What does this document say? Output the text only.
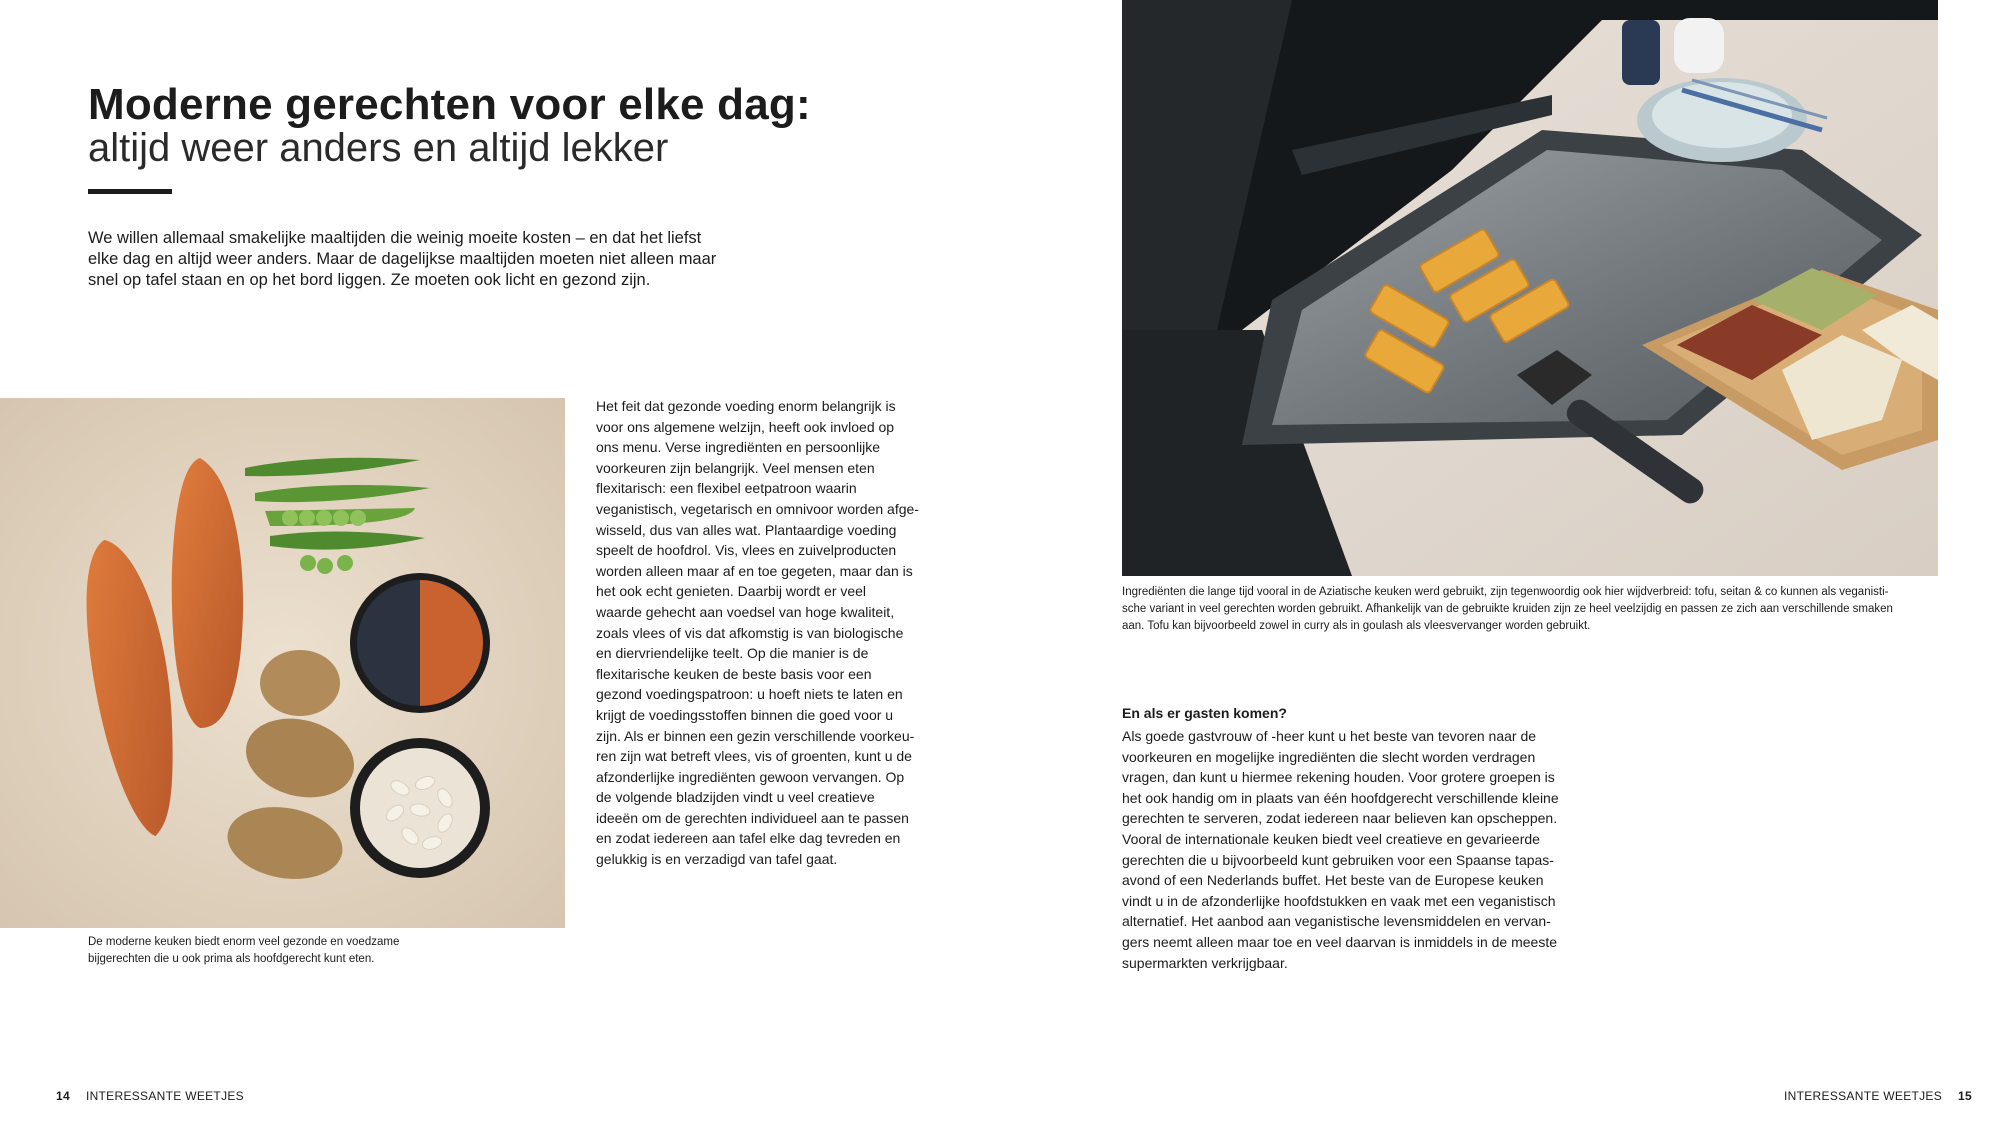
Moderne gerechten voor elke dag:
altijd weer anders en altijd lekker

We willen allemaal smakelijke maaltijden die weinig moeite kosten – en dat het liefst

elke dag en altijd weer anders. Maar de dagelijkse maaltijden moeten niet alleen maar

snel op tafel staan en op het bord liggen. Ze moeten ook licht en gezond zijn.

De moderne keuken biedt enorm veel gezonde en voedzame

bijgerechten die u ook prima als hoofdgerecht kunt eten.

Het feit dat gezonde voeding enorm belangrijk is

voor ons algemene welzijn, heeft ook invloed op

ons menu. Verse ingrediënten en persoonlijke

voorkeuren zijn belangrijk. Veel mensen eten

flexitarisch: een flexibel eetpatroon waarin

veganistisch, vegetarisch en omnivoor worden afge-

wisseld, dus van alles wat. Plantaardige voeding

speelt de hoofdrol. Vis, vlees en zuivelproducten

worden alleen maar af en toe gegeten, maar dan is

het ook echt genieten. Daarbij wordt er veel

waarde gehecht aan voedsel van hoge kwaliteit,

zoals vlees of vis dat afkomstig is van biologische

en diervriendelijke teelt. Op die manier is de

flexitarische keuken de beste basis voor een

gezond voedingspatroon: u hoeft niets te laten en

krijgt de voedingsstoffen binnen die goed voor u

zijn. Als er binnen een gezin verschillende voorkeu-

ren zijn wat betreft vlees, vis of groenten, kunt u de

afzonderlijke ingrediënten gewoon vervangen. Op

de volgende bladzijden vindt u veel creatieve

ideeën om de gerechten individueel aan te passen

en zodat iedereen aan tafel elke dag tevreden en

gelukkig is en verzadigd van tafel gaat.

14 INTERESSANTE WEETJES

Ingrediënten die lange tijd vooral in de Aziatische keuken werd gebruikt, zijn tegenwoordig ook hier wijdverbreid: tofu, seitan & co kunnen als veganisti-

sche variant in veel gerechten worden gebruikt. Afhankelijk van de gebruikte kruiden zijn ze heel veelzijdig en passen ze zich aan verschillende smaken

aan. Tofu kan bijvoorbeeld zowel in curry als in goulash als vleesvervanger worden gebruikt.

En als er gasten komen?

Als goede gastvrouw of -heer kunt u het beste van tevoren naar de

voorkeuren en mogelijke ingrediënten die slecht worden verdragen

vragen, dan kunt u hiermee rekening houden. Voor grotere groepen is

het ook handig om in plaats van één hoofdgerecht verschillende kleine

gerechten te serveren, zodat iedereen naar believen kan opscheppen.

Vooral de internationale keuken biedt veel creatieve en gevarieerde

gerechten die u bijvoorbeeld kunt gebruiken voor een Spaanse tapas-

avond of een Nederlands buffet. Het beste van de Europese keuken

vindt u in de afzonderlijke hoofdstukken en vaak met een veganistisch

alternatief. Het aanbod aan veganistische levensmiddelen en vervan-

gers neemt alleen maar toe en veel daarvan is inmiddels in de meeste

supermarkten verkrijgbaar.

INTERESSANTE WEETJES 15
